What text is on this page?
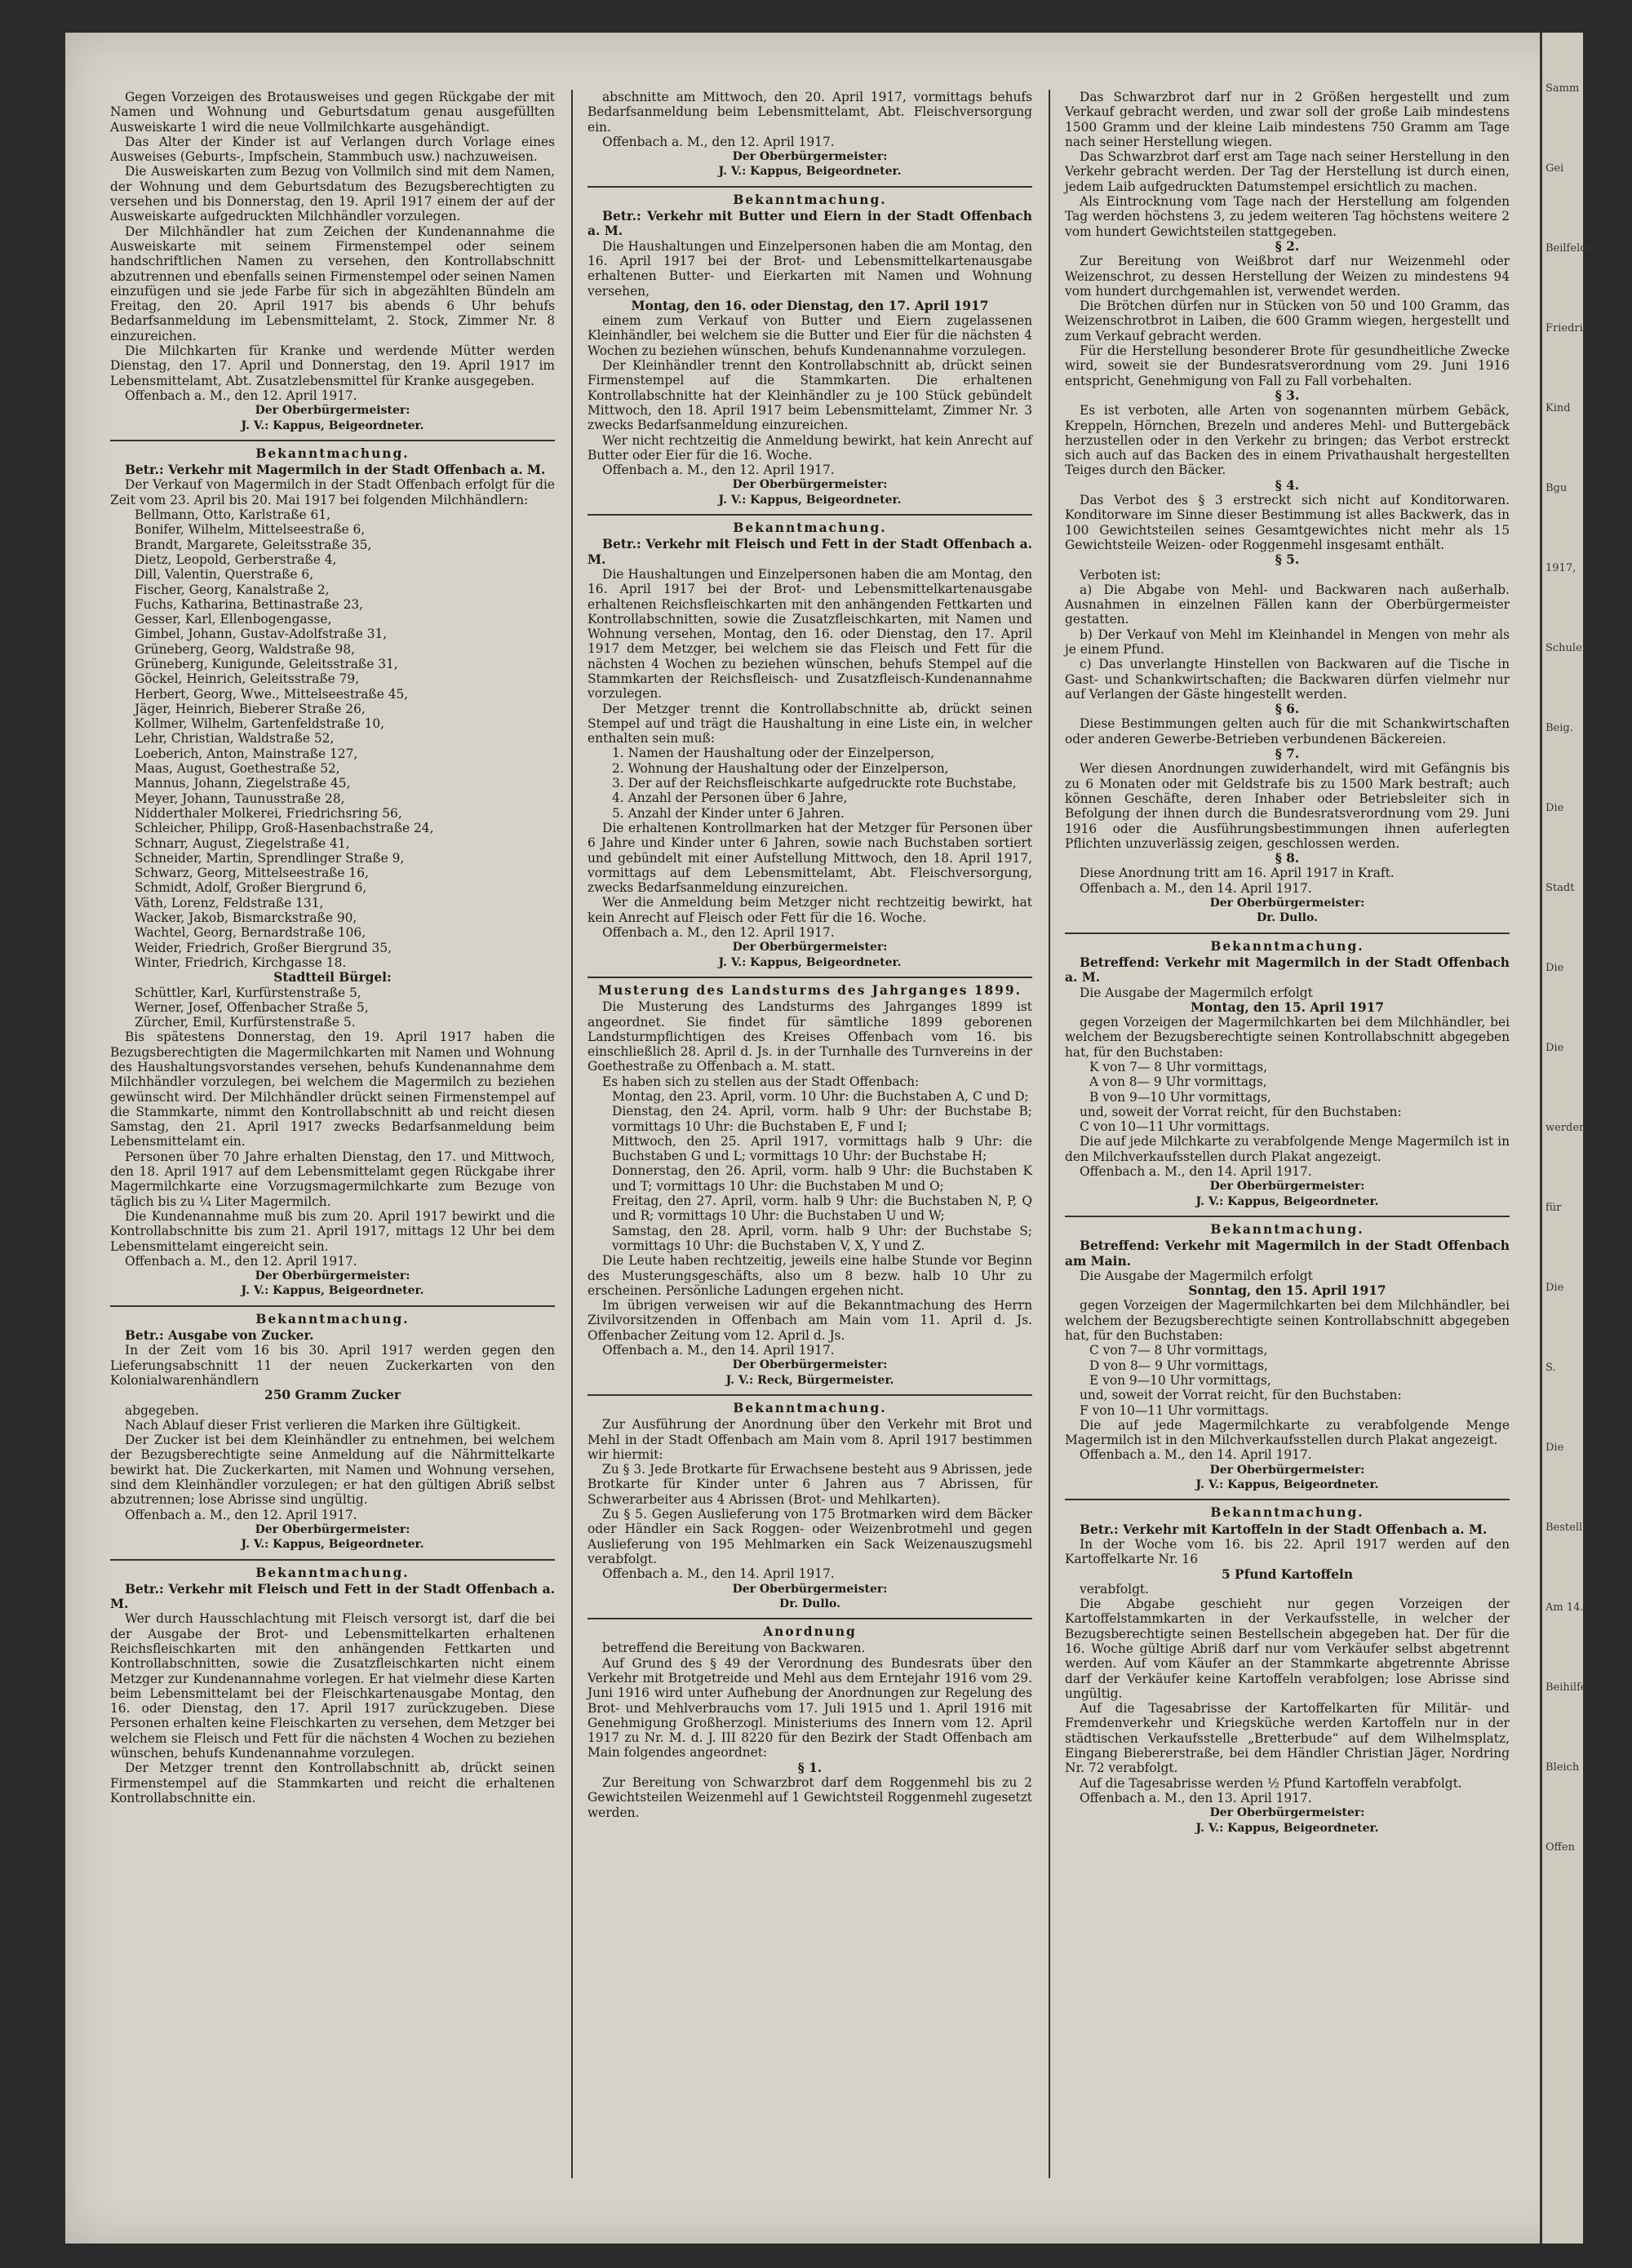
Gegen Vorzeigen des Brotausweises und gegen Rückgabe der mit Namen und Wohnung und Geburtsdatum genau ausgefüllten Ausweiskarte 1 wird die neue Vollmilchkarte ausgehändigt.

Das Alter der Kinder ist auf Verlangen durch Vorlage eines Ausweises (Geburts-, Impfschein, Stammbuch usw.) nachzuweisen.

Die Ausweiskarten zum Bezug von Vollmilch sind mit dem Namen, der Wohnung und dem Geburtsdatum des Bezugsberechtigten zu versehen und bis Donnerstag, den 19. April 1917 einem der auf der Ausweiskarte aufgedruckten Milchhändler vorzulegen.

Der Milchhändler hat zum Zeichen der Kundenannahme die Ausweiskarte mit seinem Firmenstempel oder seinem handschriftlichen Namen zu versehen, den Kontrollabschnitt abzutrennen und ebenfalls seinen Firmenstempel oder seinen Namen einzufügen und sie jede Farbe für sich in abgezählten Bündeln am Freitag, den 20. April 1917 bis abends 6 Uhr behufs Bedarfsanmeldung im Lebensmittelamt, 2. Stock, Zimmer Nr. 8 einzureichen.

Die Milchkarten für Kranke und werdende Mütter werden Dienstag, den 17. April und Donnerstag, den 19. April 1917 im Lebensmittelamt, Abt. Zusatzlebensmittel für Kranke ausgegeben.

Offenbach a. M., den 12. April 1917.

Der Oberbürgermeister:

J. V.: Kappus, Beigeordneter.

Bekanntmachung.

Betr.: Verkehr mit Magermilch in der Stadt Offenbach a. M.

Der Verkauf von Magermilch in der Stadt Offenbach erfolgt für die Zeit vom 23. April bis 20. Mai 1917 bei folgenden Milchhändlern:

Bellmann, Otto, Karlstraße 61,

Bonifer, Wilhelm, Mittelseestraße 6,

Brandt, Margarete, Geleitsstraße 35,

Dietz, Leopold, Gerberstraße 4,

Dill, Valentin, Querstraße 6,

Fischer, Georg, Kanalstraße 2,

Fuchs, Katharina, Bettinastraße 23,

Gesser, Karl, Ellenbogengasse,

Gimbel, Johann, Gustav-Adolfstraße 31,

Grüneberg, Georg, Waldstraße 98,

Grüneberg, Kunigunde, Geleitsstraße 31,

Göckel, Heinrich, Geleitsstraße 79,

Herbert, Georg, Wwe., Mittelseestraße 45,

Jäger, Heinrich, Bieberer Straße 26,

Kollmer, Wilhelm, Gartenfeldstraße 10,

Lehr, Christian, Waldstraße 52,

Loeberich, Anton, Mainstraße 127,

Maas, August, Goethestraße 52,

Mannus, Johann, Ziegelstraße 45,

Meyer, Johann, Taunusstraße 28,

Nidderthaler Molkerei, Friedrichsring 56,

Schleicher, Philipp, Groß-Hasenbachstraße 24,

Schnarr, August, Ziegelstraße 41,

Schneider, Martin, Sprendlinger Straße 9,

Schwarz, Georg, Mittelseestraße 16,

Schmidt, Adolf, Großer Biergrund 6,

Väth, Lorenz, Feldstraße 131,

Wacker, Jakob, Bismarckstraße 90,

Wachtel, Georg, Bernardstraße 106,

Weider, Friedrich, Großer Biergrund 35,

Winter, Friedrich, Kirchgasse 18.

Stadtteil Bürgel:

Schüttler, Karl, Kurfürstenstraße 5,

Werner, Josef, Offenbacher Straße 5,

Zürcher, Emil, Kurfürstenstraße 5.

Bis spätestens Donnerstag, den 19. April 1917 haben die Bezugsberechtigten die Magermilchkarten mit Namen und Wohnung des Haushaltungsvorstandes versehen, behufs Kundenannahme dem Milchhändler vorzulegen, bei welchem die Magermilch zu beziehen gewünscht wird. Der Milchhändler drückt seinen Firmenstempel auf die Stammkarte, nimmt den Kontrollabschnitt ab und reicht diesen Samstag, den 21. April 1917 zwecks Bedarfsanmeldung beim Lebensmittelamt ein.

Personen über 70 Jahre erhalten Dienstag, den 17. und Mittwoch, den 18. April 1917 auf dem Lebensmittelamt gegen Rückgabe ihrer Magermilchkarte eine Vorzugsmagermilchkarte zum Bezuge von täglich bis zu ¼ Liter Magermilch.

Die Kundenannahme muß bis zum 20. April 1917 bewirkt und die Kontrollabschnitte bis zum 21. April 1917, mittags 12 Uhr bei dem Lebensmittelamt eingereicht sein.

Offenbach a. M., den 12. April 1917.

Der Oberbürgermeister:

J. V.: Kappus, Beigeordneter.

Bekanntmachung.

Betr.: Ausgabe von Zucker.

In der Zeit vom 16 bis 30. April 1917 werden gegen den Lieferungsabschnitt 11 der neuen Zuckerkarten von den Kolonialwarenhändlern

250 Gramm Zucker

abgegeben.

Nach Ablauf dieser Frist verlieren die Marken ihre Gültigkeit.

Der Zucker ist bei dem Kleinhändler zu entnehmen, bei welchem der Bezugsberechtigte seine Anmeldung auf die Nährmittelkarte bewirkt hat. Die Zuckerkarten, mit Namen und Wohnung versehen, sind dem Kleinhändler vorzulegen; er hat den gültigen Abriß selbst abzutrennen; lose Abrisse sind ungültig.

Offenbach a. M., den 12. April 1917.

Der Oberbürgermeister:

J. V.: Kappus, Beigeordneter.

Bekanntmachung.

Betr.: Verkehr mit Fleisch und Fett in der Stadt Offenbach a. M.

Wer durch Hausschlachtung mit Fleisch versorgt ist, darf die bei der Ausgabe der Brot- und Lebensmittelkarten erhaltenen Reichsfleischkarten mit den anhängenden Fettkarten und Kontrollabschnitten, sowie die Zusatzfleischkarten nicht einem Metzger zur Kundenannahme vorlegen. Er hat vielmehr diese Karten beim Lebensmittelamt bei der Fleischkartenausgabe Montag, den 16. oder Dienstag, den 17. April 1917 zurückzugeben. Diese Personen erhalten keine Fleischkarten zu versehen, dem Metzger bei welchem sie Fleisch und Fett für die nächsten 4 Wochen zu beziehen wünschen, behufs Kundenannahme vorzulegen.

Der Metzger trennt den Kontrollabschnitt ab, drückt seinen Firmenstempel auf die Stammkarten und reicht die erhaltenen Kontrollabschnitte ein.

abschnitte am Mittwoch, den 20. April 1917, vormittags behufs Bedarfsanmeldung beim Lebensmittelamt, Abt. Fleischversorgung ein.

Offenbach a. M., den 12. April 1917.

Der Oberbürgermeister:

J. V.: Kappus, Beigeordneter.

Bekanntmachung.

Betr.: Verkehr mit Butter und Eiern in der Stadt Offenbach a. M.

Die Haushaltungen und Einzelpersonen haben die am Montag, den 16. April 1917 bei der Brot- und Lebensmittelkartenausgabe erhaltenen Butter- und Eierkarten mit Namen und Wohnung versehen,

Montag, den 16. oder Dienstag, den 17. April 1917

einem zum Verkauf von Butter und Eiern zugelassenen Kleinhändler, bei welchem sie die Butter und Eier für die nächsten 4 Wochen zu beziehen wünschen, behufs Kundenannahme vorzulegen.

Der Kleinhändler trennt den Kontrollabschnitt ab, drückt seinen Firmenstempel auf die Stammkarten. Die erhaltenen Kontrollabschnitte hat der Kleinhändler zu je 100 Stück gebündelt Mittwoch, den 18. April 1917 beim Lebensmittelamt, Zimmer Nr. 3 zwecks Bedarfsanmeldung einzureichen.

Wer nicht rechtzeitig die Anmeldung bewirkt, hat kein Anrecht auf Butter oder Eier für die 16. Woche.

Offenbach a. M., den 12. April 1917.

Der Oberbürgermeister:

J. V.: Kappus, Beigeordneter.

Bekanntmachung.

Betr.: Verkehr mit Fleisch und Fett in der Stadt Offenbach a. M.

Die Haushaltungen und Einzelpersonen haben die am Montag, den 16. April 1917 bei der Brot- und Lebensmittelkartenausgabe erhaltenen Reichsfleischkarten mit den anhängenden Fettkarten und Kontrollabschnitten, sowie die Zusatzfleischkarten, mit Namen und Wohnung versehen, Montag, den 16. oder Dienstag, den 17. April 1917 dem Metzger, bei welchem sie das Fleisch und Fett für die nächsten 4 Wochen zu beziehen wünschen, behufs Stempel auf die Stammkarten der Reichsfleisch- und Zusatzfleisch-Kundenannahme vorzulegen.

Der Metzger trennt die Kontrollabschnitte ab, drückt seinen Stempel auf und trägt die Haushaltung in eine Liste ein, in welcher enthalten sein muß:

1. Namen der Haushaltung oder der Einzelperson,

2. Wohnung der Haushaltung oder der Einzelperson,

3. Der auf der Reichsfleischkarte aufgedruckte rote Buchstabe,

4. Anzahl der Personen über 6 Jahre,

5. Anzahl der Kinder unter 6 Jahren.

Die erhaltenen Kontrollmarken hat der Metzger für Personen über 6 Jahre und Kinder unter 6 Jahren, sowie nach Buchstaben sortiert und gebündelt mit einer Aufstellung Mittwoch, den 18. April 1917, vormittags auf dem Lebensmittelamt, Abt. Fleischversorgung, zwecks Bedarfsanmeldung einzureichen.

Wer die Anmeldung beim Metzger nicht rechtzeitig bewirkt, hat kein Anrecht auf Fleisch oder Fett für die 16. Woche.

Offenbach a. M., den 12. April 1917.

Der Oberbürgermeister:

J. V.: Kappus, Beigeordneter.

Musterung des Landsturms des Jahrganges 1899.

Die Musterung des Landsturms des Jahrganges 1899 ist angeordnet. Sie findet für sämtliche 1899 geborenen Landsturmpflichtigen des Kreises Offenbach vom 16. bis einschließlich 28. April d. Js. in der Turnhalle des Turnvereins in der Goethestraße zu Offenbach a. M. statt.

Es haben sich zu stellen aus der Stadt Offenbach:

Montag, den 23. April, vorm. 10 Uhr: die Buchstaben A, C und D;

Dienstag, den 24. April, vorm. halb 9 Uhr: der Buchstabe B; vormittags 10 Uhr: die Buchstaben E, F und I;

Mittwoch, den 25. April 1917, vormittags halb 9 Uhr: die Buchstaben G und L; vormittags 10 Uhr: der Buchstabe H;

Donnerstag, den 26. April, vorm. halb 9 Uhr: die Buchstaben K und T; vormittags 10 Uhr: die Buchstaben M und O;

Freitag, den 27. April, vorm. halb 9 Uhr: die Buchstaben N, P, Q und R; vormittags 10 Uhr: die Buchstaben U und W;

Samstag, den 28. April, vorm. halb 9 Uhr: der Buchstabe S; vormittags 10 Uhr: die Buchstaben V, X, Y und Z.

Die Leute haben rechtzeitig, jeweils eine halbe Stunde vor Beginn des Musterungsgeschäfts, also um 8 bezw. halb 10 Uhr zu erscheinen. Persönliche Ladungen ergehen nicht.

Im übrigen verweisen wir auf die Bekanntmachung des Herrn Zivilvorsitzenden in Offenbach am Main vom 11. April d. Js. Offenbacher Zeitung vom 12. April d. Js.

Offenbach a. M., den 14. April 1917.

Der Oberbürgermeister:

J. V.: Reck, Bürgermeister.

Bekanntmachung.

Zur Ausführung der Anordnung über den Verkehr mit Brot und Mehl in der Stadt Offenbach am Main vom 8. April 1917 bestimmen wir hiermit:

Zu § 3. Jede Brotkarte für Erwachsene besteht aus 9 Abrissen, jede Brotkarte für Kinder unter 6 Jahren aus 7 Abrissen, für Schwerarbeiter aus 4 Abrissen (Brot- und Mehlkarten).

Zu § 5. Gegen Auslieferung von 175 Brotmarken wird dem Bäcker oder Händler ein Sack Roggen- oder Weizenbrotmehl und gegen Auslieferung von 195 Mehlmarken ein Sack Weizenauszugsmehl verabfolgt.

Offenbach a. M., den 14. April 1917.

Der Oberbürgermeister:

Dr. Dullo.

Anordnung

betreffend die Bereitung von Backwaren.

Auf Grund des § 49 der Verordnung des Bundesrats über den Verkehr mit Brotgetreide und Mehl aus dem Erntejahr 1916 vom 29. Juni 1916 wird unter Aufhebung der Anordnungen zur Regelung des Brot- und Mehlverbrauchs vom 17. Juli 1915 und 1. April 1916 mit Genehmigung Großherzogl. Ministeriums des Innern vom 12. April 1917 zu Nr. M. d. J. III 8220 für den Bezirk der Stadt Offenbach am Main folgendes angeordnet:

§ 1.

Zur Bereitung von Schwarzbrot darf dem Roggenmehl bis zu 2 Gewichtsteilen Weizenmehl auf 1 Gewichtsteil Roggenmehl zugesetzt werden.

Das Schwarzbrot darf nur in 2 Größen hergestellt und zum Verkauf gebracht werden, und zwar soll der große Laib mindestens 1500 Gramm und der kleine Laib mindestens 750 Gramm am Tage nach seiner Herstellung wiegen.

Das Schwarzbrot darf erst am Tage nach seiner Herstellung in den Verkehr gebracht werden. Der Tag der Herstellung ist durch einen, jedem Laib aufgedruckten Datumstempel ersichtlich zu machen.

Als Eintrocknung vom Tage nach der Herstellung am folgenden Tag werden höchstens 3, zu jedem weiteren Tag höchstens weitere 2 vom hundert Gewichtsteilen stattgegeben.

§ 2.

Zur Bereitung von Weißbrot darf nur Weizenmehl oder Weizenschrot, zu dessen Herstellung der Weizen zu mindestens 94 vom hundert durchgemahlen ist, verwendet werden.

Die Brötchen dürfen nur in Stücken von 50 und 100 Gramm, das Weizenschrotbrot in Laiben, die 600 Gramm wiegen, hergestellt und zum Verkauf gebracht werden.

Für die Herstellung besonderer Brote für gesundheitliche Zwecke wird, soweit sie der Bundesratsverordnung vom 29. Juni 1916 entspricht, Genehmigung von Fall zu Fall vorbehalten.

§ 3.

Es ist verboten, alle Arten von sogenannten mürbem Gebäck, Kreppeln, Hörnchen, Brezeln und anderes Mehl- und Buttergebäck herzustellen oder in den Verkehr zu bringen; das Verbot erstreckt sich auch auf das Backen des in einem Privathaushalt hergestellten Teiges durch den Bäcker.

§ 4.

Das Verbot des § 3 erstreckt sich nicht auf Konditorwaren. Konditorware im Sinne dieser Bestimmung ist alles Backwerk, das in 100 Gewichtsteilen seines Gesamtgewichtes nicht mehr als 15 Gewichtsteile Weizen- oder Roggenmehl insgesamt enthält.

§ 5.

Verboten ist:

a) Die Abgabe von Mehl- und Backwaren nach außerhalb. Ausnahmen in einzelnen Fällen kann der Oberbürgermeister gestatten.

b) Der Verkauf von Mehl im Kleinhandel in Mengen von mehr als je einem Pfund.

c) Das unverlangte Hinstellen von Backwaren auf die Tische in Gast- und Schankwirtschaften; die Backwaren dürfen vielmehr nur auf Verlangen der Gäste hingestellt werden.

§ 6.

Diese Bestimmungen gelten auch für die mit Schankwirtschaften oder anderen Gewerbe-Betrieben verbundenen Bäckereien.

§ 7.

Wer diesen Anordnungen zuwiderhandelt, wird mit Gefängnis bis zu 6 Monaten oder mit Geldstrafe bis zu 1500 Mark bestraft; auch können Geschäfte, deren Inhaber oder Betriebsleiter sich in Befolgung der ihnen durch die Bundesratsverordnung vom 29. Juni 1916 oder die Ausführungsbestimmungen ihnen auferlegten Pflichten unzuverlässig zeigen, geschlossen werden.

§ 8.

Diese Anordnung tritt am 16. April 1917 in Kraft.

Offenbach a. M., den 14. April 1917.

Der Oberbürgermeister:

Dr. Dullo.

Bekanntmachung.

Betreffend: Verkehr mit Magermilch in der Stadt Offenbach a. M.

Die Ausgabe der Magermilch erfolgt

Montag, den 15. April 1917

gegen Vorzeigen der Magermilchkarten bei dem Milchhändler, bei welchem der Bezugsberechtigte seinen Kontrollabschnitt abgegeben hat, für den Buchstaben:

K von 7— 8 Uhr vormittags,

A von 8— 9 Uhr vormittags,

B von 9—10 Uhr vormittags,

und, soweit der Vorrat reicht, für den Buchstaben:

C von 10—11 Uhr vormittags.

Die auf jede Milchkarte zu verabfolgende Menge Magermilch ist in den Milchverkaufsstellen durch Plakat angezeigt.

Offenbach a. M., den 14. April 1917.

Der Oberbürgermeister:

J. V.: Kappus, Beigeordneter.

Bekanntmachung.

Betreffend: Verkehr mit Magermilch in der Stadt Offenbach am Main.

Die Ausgabe der Magermilch erfolgt

Sonntag, den 15. April 1917

gegen Vorzeigen der Magermilchkarten bei dem Milchhändler, bei welchem der Bezugsberechtigte seinen Kontrollabschnitt abgegeben hat, für den Buchstaben:

C von 7— 8 Uhr vormittags,

D von 8— 9 Uhr vormittags,

E von 9—10 Uhr vormittags,

und, soweit der Vorrat reicht, für den Buchstaben:

F von 10—11 Uhr vormittags.

Die auf jede Magermilchkarte zu verabfolgende Menge Magermilch ist in den Milchverkaufsstellen durch Plakat angezeigt.

Offenbach a. M., den 14. April 1917.

Der Oberbürgermeister:

J. V.: Kappus, Beigeordneter.

Bekanntmachung.

Betr.: Verkehr mit Kartoffeln in der Stadt Offenbach a. M.

In der Woche vom 16. bis 22. April 1917 werden auf den Kartoffelkarte Nr. 16

5 Pfund Kartoffeln

verabfolgt.

Die Abgabe geschieht nur gegen Vorzeigen der Kartoffelstammkarten in der Verkaufsstelle, in welcher der Bezugsberechtigte seinen Bestellschein abgegeben hat. Der für die 16. Woche gültige Abriß darf nur vom Verkäufer selbst abgetrennt werden. Auf vom Käufer an der Stammkarte abgetrennte Abrisse darf der Verkäufer keine Kartoffeln verabfolgen; lose Abrisse sind ungültig.

Auf die Tagesabrisse der Kartoffelkarten für Militär- und Fremdenverkehr und Kriegsküche werden Kartoffeln nur in der städtischen Verkaufsstelle „Bretterbude“ auf dem Wilhelmsplatz, Eingang Biebererstraße, bei dem Händler Christian Jäger, Nordring Nr. 72 verabfolgt.

Auf die Tagesabrisse werden ½ Pfund Kartoffeln verabfolgt.

Offenbach a. M., den 13. April 1917.

Der Oberbürgermeister:

J. V.: Kappus, Beigeordneter.

Samm
Gei
Beilfelder
Friedrich
Kind
Bgu
1917,
Schulen
Beig.
Die
Stadt
Die
Die
werden
für
Die
S.
Die
Bestell.
Am 14.
Beihilfe
Bleich
Offen
